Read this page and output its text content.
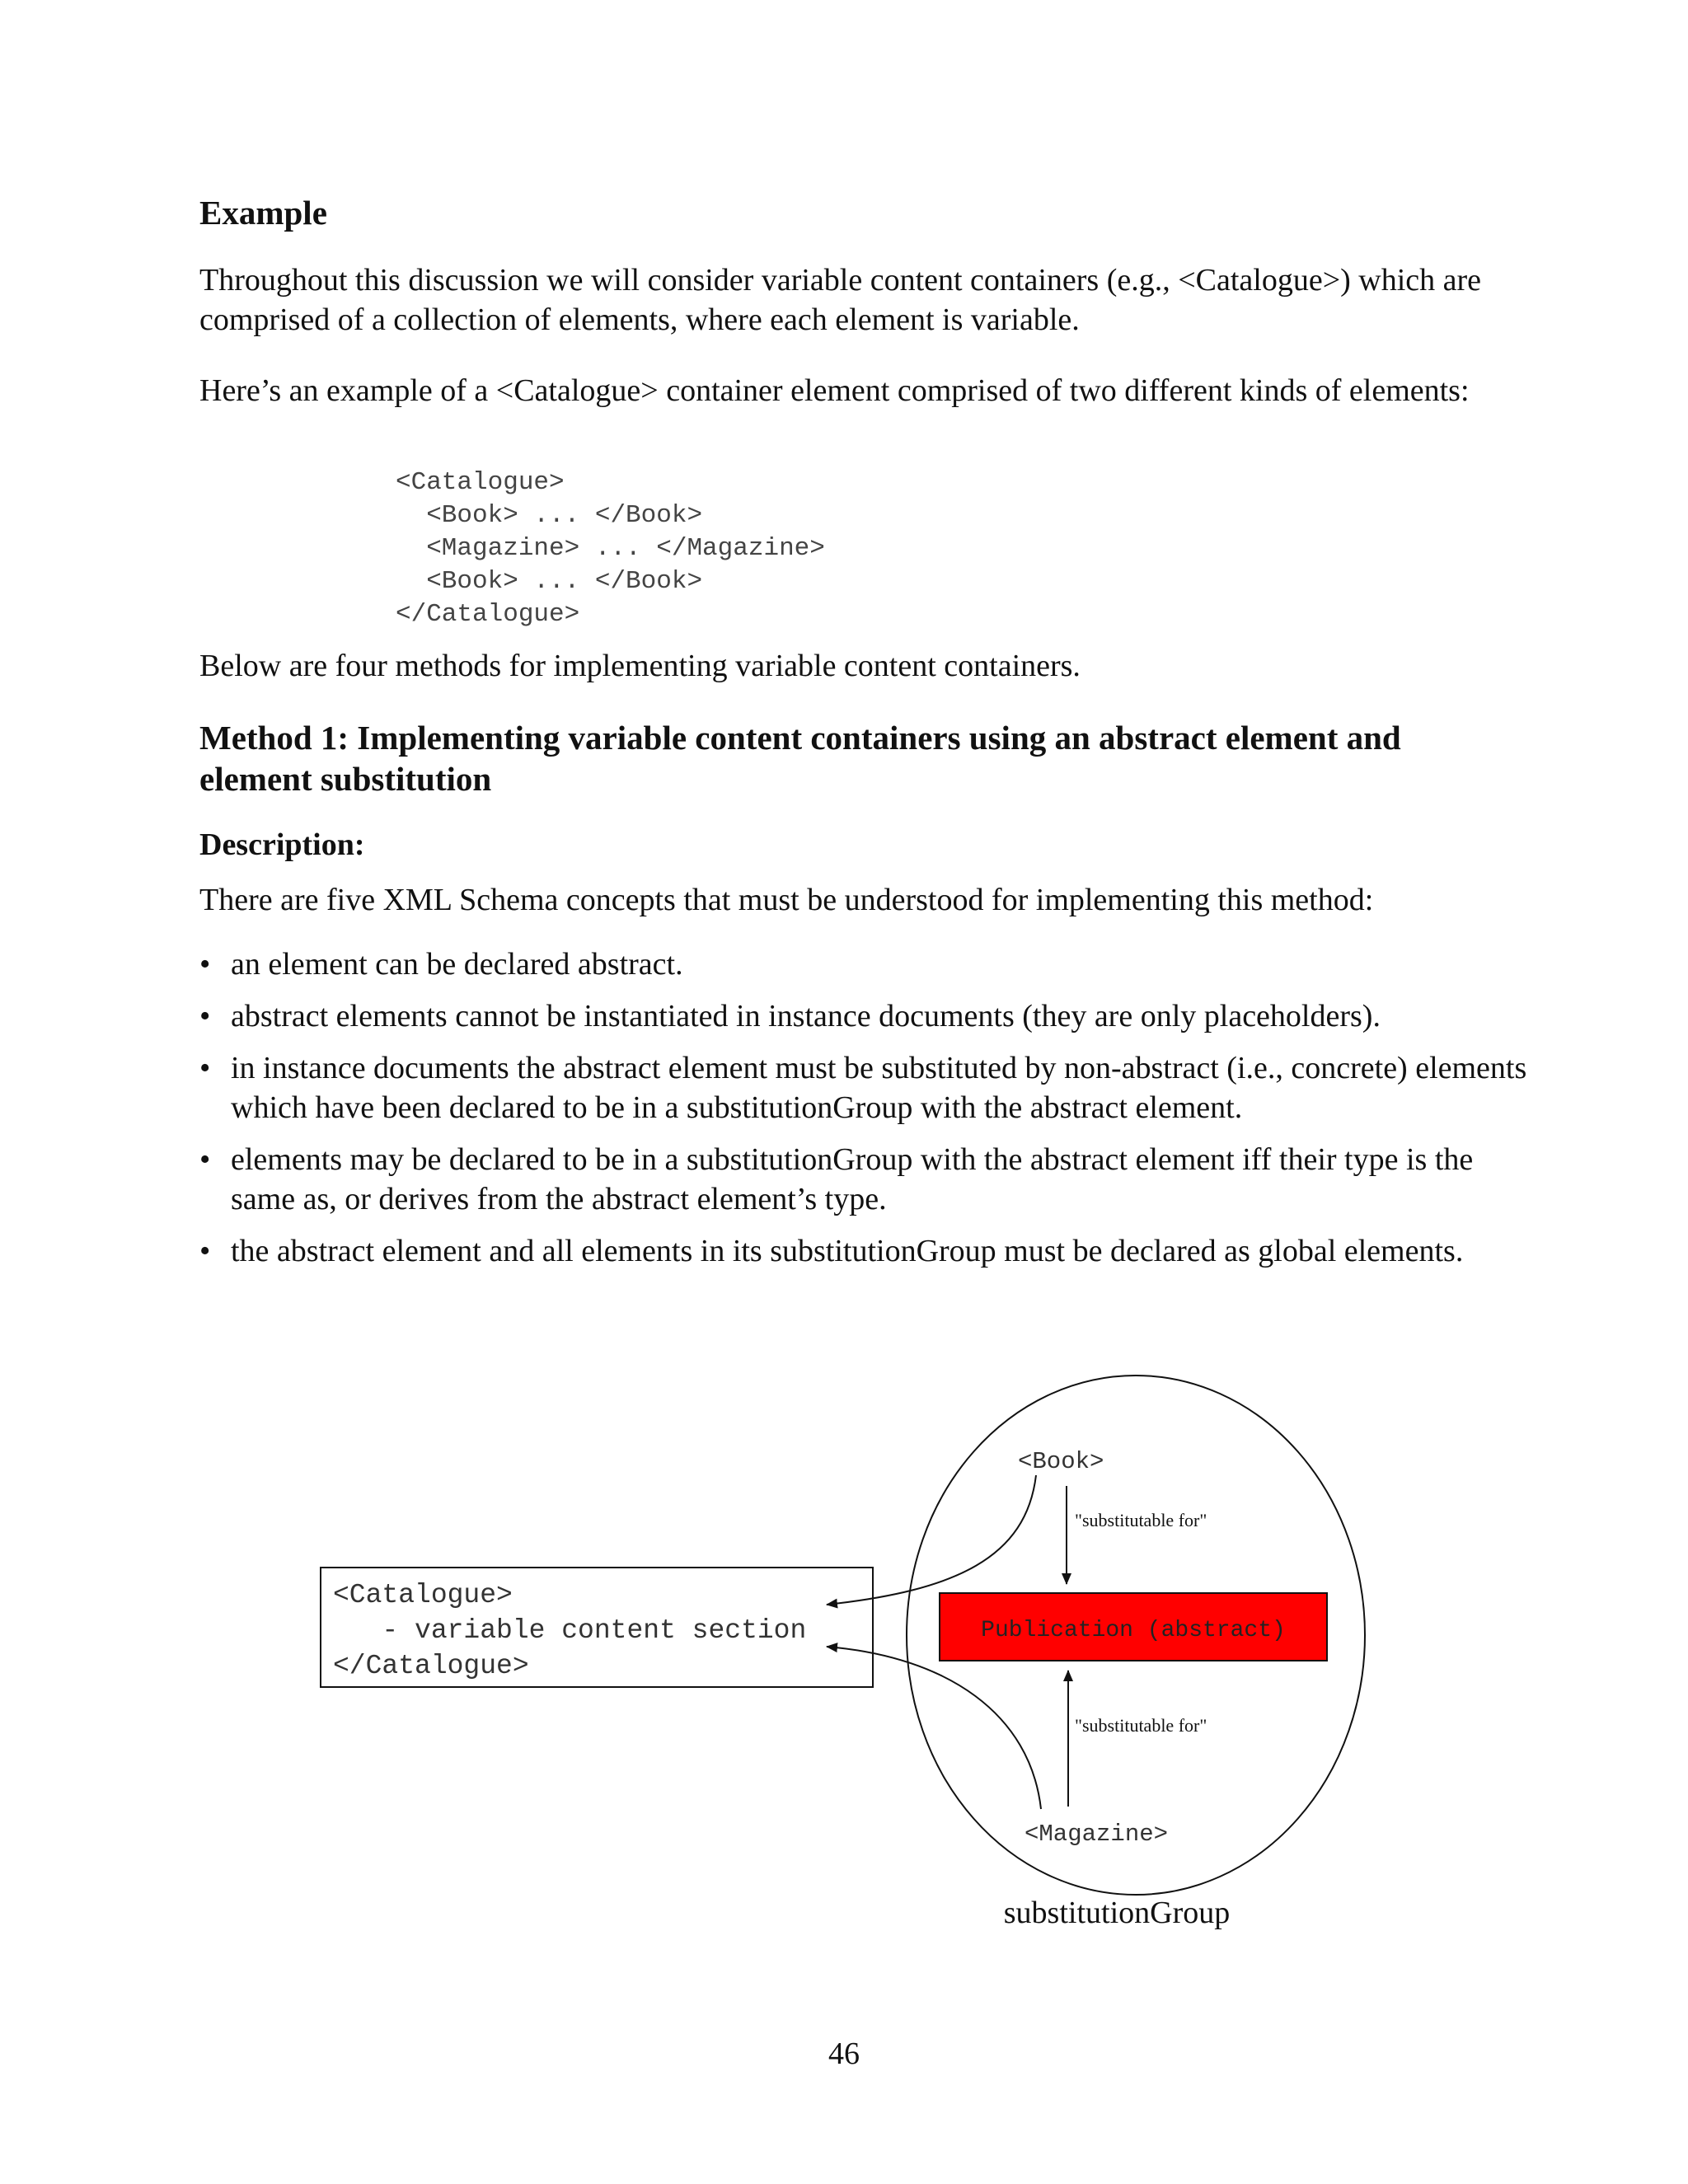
Example

Throughout this discussion we will consider variable content containers (e.g., <Catalogue>) which are comprised of a collection of elements, where each element is variable.

Here’s an example of a <Catalogue> container element comprised of two different kinds of elements:

<Catalogue>
<Book> ... </Book>
<Magazine> ... </Magazine>
<Book> ... </Book>
</Catalogue>

Below are four methods for implementing variable content containers.

Method 1: Implementing variable content containers using an abstract element and element substitution
Description:

There are five XML Schema concepts that must be understood for implementing this method:

• an element can be declared abstract.
• abstract elements cannot be instantiated in instance documents (they are only placeholders).
• in instance documents the abstract element must be substituted by non-abstract (i.e., concrete) elements which have been declared to be in a substitutionGroup with the abstract element.
• elements may be declared to be in a substitutionGroup with the abstract element iff their type is the same as, or derives from the abstract element’s type.
• the abstract element and all elements in its substitutionGroup must be declared as global elements.
<Catalogue>
- variable content section
</Catalogue>
<Book>
Publication (abstract)
<Magazine>
"substitutable for"
"substitutable for"
substitutionGroup
46
